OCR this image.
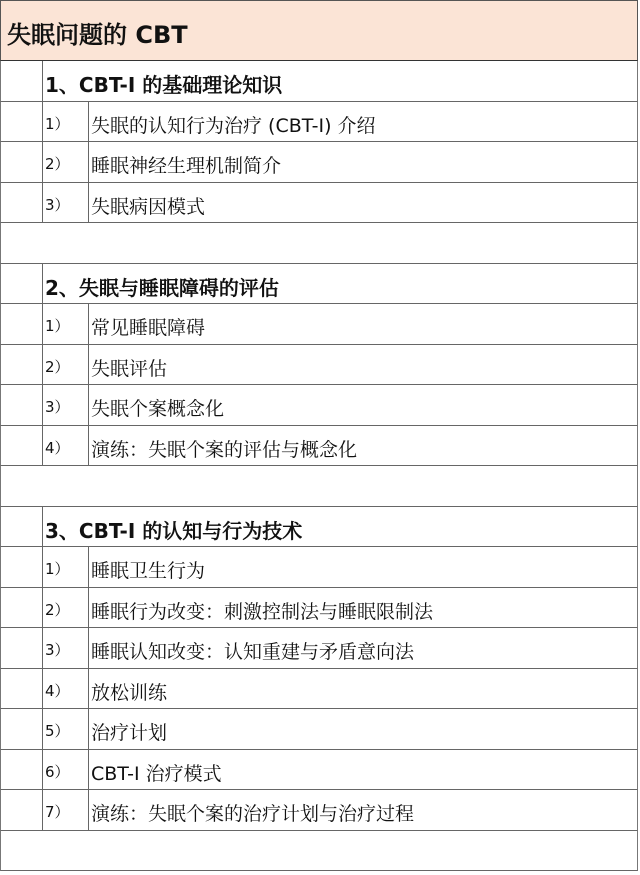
失眠问题的 CBT
1、CBT-I 的基础理论知识
1） 失眠的认知行为治疗 (CBT-I) 介绍
2） 睡眠神经生理机制简介
3） 失眠病因模式
2、失眠与睡眠障碍的评估
1） 常见睡眠障碍
2） 失眠评估
3） 失眠个案概念化
4） 演练：失眠个案的评估与概念化
3、CBT-I 的认知与行为技术
1） 睡眠卫生行为
2） 睡眠行为改变：刺激控制法与睡眠限制法
3） 睡眠认知改变：认知重建与矛盾意向法
4） 放松训练
5） 治疗计划
6） CBT-I 治疗模式
7） 演练：失眠个案的治疗计划与治疗过程
